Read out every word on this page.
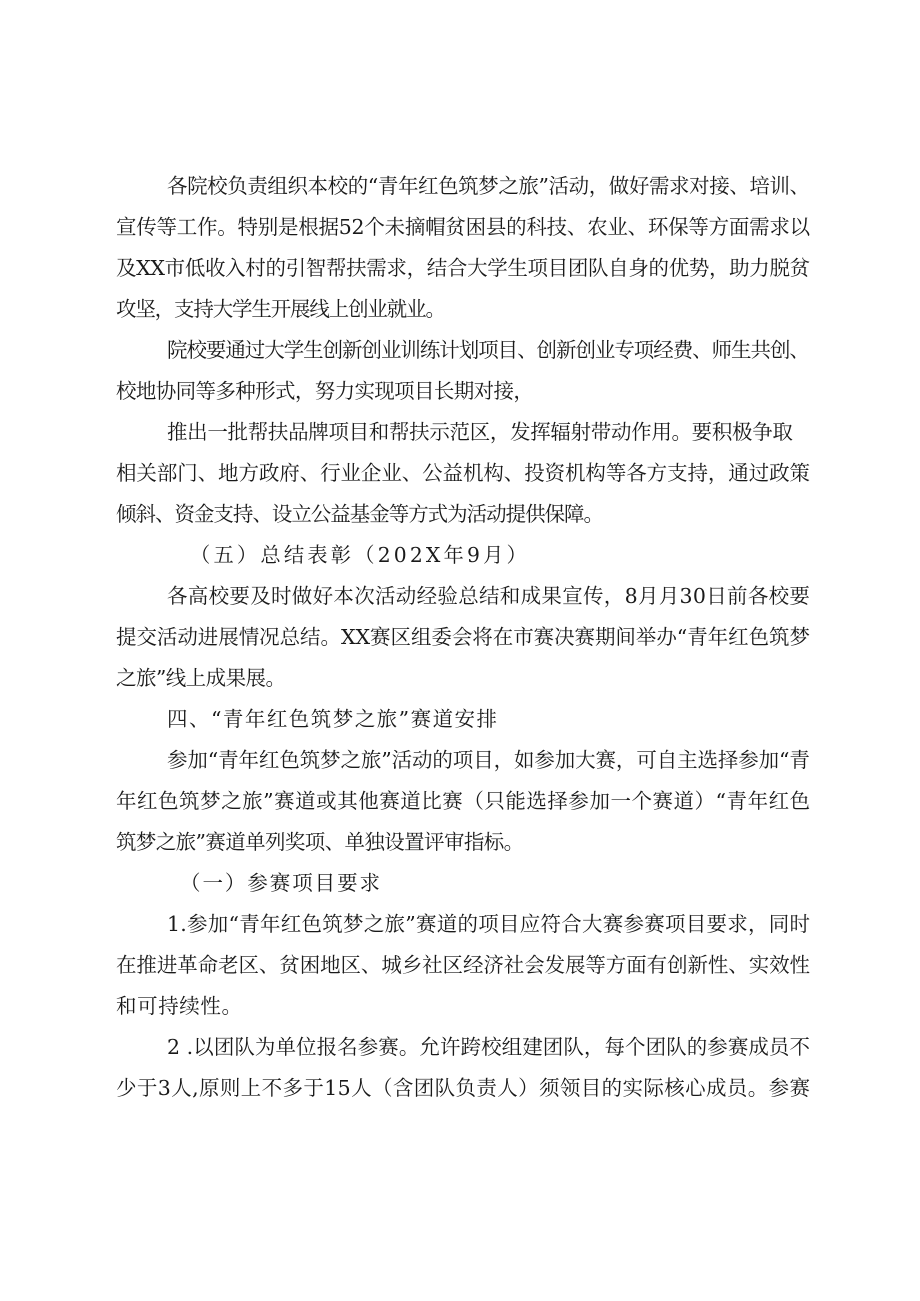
各院校负责组织本校的“青年红色筑梦之旅”活动，做好需求对接、培训、
宣传等工作。特别是根据52个未摘帽贫困县的科技、农业、环保等方面需求以
及XX市低收入村的引智帮扶需求，结合大学生项目团队自身的优势，助力脱贫
攻坚，支持大学生开展线上创业就业。
院校要通过大学生创新创业训练计划项目、创新创业专项经费、师生共创、
校地协同等多种形式，努力实现项目长期对接，
推出一批帮扶品牌项目和帮扶示范区，发挥辐射带动作用。要积极争取
相关部门、地方政府、行业企业、公益机构、投资机构等各方支持，通过政策
倾斜、资金支持、设立公益基金等方式为活动提供保障。
（五）总结表彰（202X年9月）
各高校要及时做好本次活动经验总结和成果宣传，8月月30日前各校要
提交活动进展情况总结。XX赛区组委会将在市赛决赛期间举办“青年红色筑梦
之旅”线上成果展。
四、“青年红色筑梦之旅”赛道安排
参加“青年红色筑梦之旅”活动的项目，如参加大赛，可自主选择参加“青
年红色筑梦之旅”赛道或其他赛道比赛（只能选择参加一个赛道）“青年红色
筑梦之旅”赛道单列奖项、单独设置评审指标。
（一）参赛项目要求
1.参加“青年红色筑梦之旅”赛道的项目应符合大赛参赛项目要求，同时
在推进革命老区、贫困地区、城乡社区经济社会发展等方面有创新性、实效性
和可持续性。
2 .以团队为单位报名参赛。允许跨校组建团队，每个团队的参赛成员不
少于3人,原则上不多于15人（含团队负责人）须领目的实际核心成员。参赛
